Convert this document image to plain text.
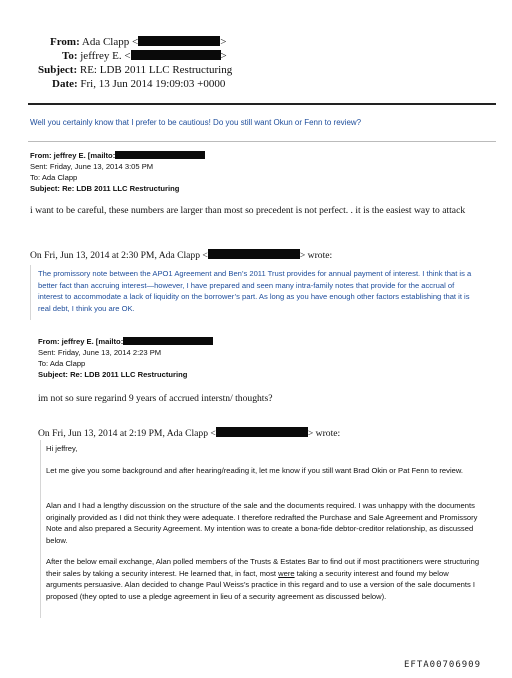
From: Ada Clapp <	>
To: jeffrey E. <	>
Subject: RE: LDB 2011 LLC Restructuring
Date: Fri, 13 Jun 2014 19:09:03 +0000
Well you certainly know that I prefer to be cautious! Do you still want Okun or Fenn to review?
From: jeffrey E. [mailto:
Sent: Friday, June 13, 2014 3:05 PM
To: Ada Clapp
Subject: Re: LDB 2011 LLC Restructuring
i want to be careful, these numbers are larger than most so precedent is not perfect. . it is the easiest way to attack
On Fri, Jun 13, 2014 at 2:30 PM, Ada Clapp <	> wrote:
The promissory note between the APO1 Agreement and Ben’s 2011 Trust provides for annual payment of interest. I think that is a better fact than accruing interest—however, I have prepared and seen many intra-family notes that provide for the accrual of interest to accommodate a lack of liquidity on the borrower’s part. As long as you have enough other factors establishing that it is real debt, I think you are OK.
From: jeffrey E. [mailto:
Sent: Friday, June 13, 2014 2:23 PM
To: Ada Clapp
Subject: Re: LDB 2011 LLC Restructuring
im not so sure regarind 9 years of accrued interstn/ thoughts?
On Fri, Jun 13, 2014 at 2:19 PM, Ada Clapp <	> wrote:
Hi jeffrey,
Let me give you some background and after hearing/reading it, let me know if you still want Brad Okin or Pat Fenn to review.
Alan and I had a lengthy discussion on the structure of the sale and the documents required. I was unhappy with the documents originally provided as I did not think they were adequate. I therefore redrafted the Purchase and Sale Agreement and Promissory Note and also prepared a Security Agreement. My intention was to create a bona-fide debtor-creditor relationship, as discussed below.
After the below email exchange, Alan polled members of the Trusts & Estates Bar to find out if most practitioners were structuring their sales by taking a security interest. He learned that, in fact, most were taking a security interest and found my below arguments persuasive. Alan decided to change Paul Weiss’s practice in this regard and to use a version of the sale documents I proposed (they opted to use a pledge agreement in lieu of a security agreement as discussed below).
EFTA00706909
